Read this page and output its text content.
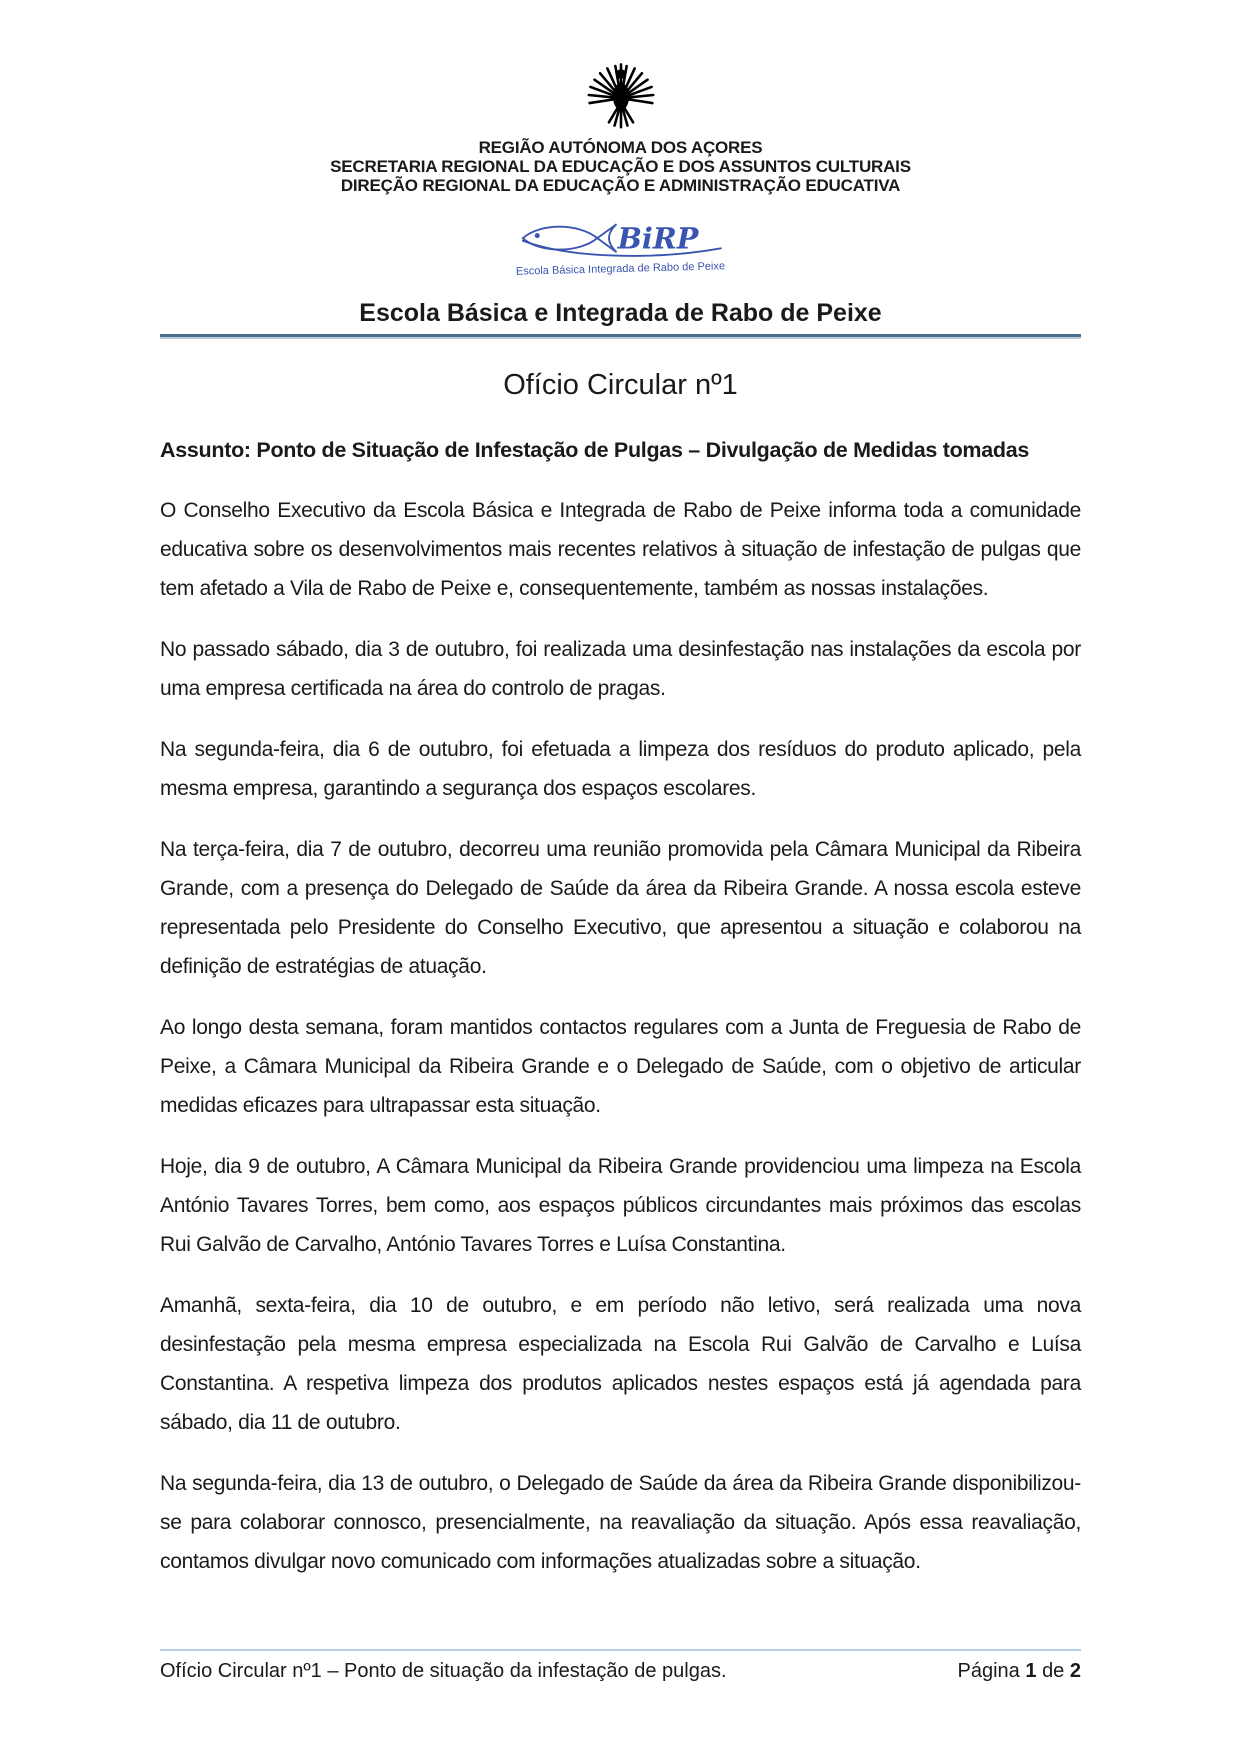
REGIÃO AUTÓNOMA DOS AÇORES
SECRETARIA REGIONAL DA EDUCAÇÃO E DOS ASSUNTOS CULTURAIS
DIREÇÃO REGIONAL DA EDUCAÇÃO E ADMINISTRAÇÃO EDUCATIVA
BiRP
Escola Básica Integrada de Rabo de Peixe
Escola Básica e Integrada de Rabo de Peixe
Ofício Circular nº1

Assunto: Ponto de Situação de Infestação de Pulgas – Divulgação de Medidas tomadas

O Conselho Executivo da Escola Básica e Integrada de Rabo de Peixe informa toda a comunidade educativa sobre os desenvolvimentos mais recentes relativos à situação de infestação de pulgas que tem afetado a Vila de Rabo de Peixe e, consequentemente, também as nossas instalações.

No passado sábado, dia 3 de outubro, foi realizada uma desinfestação nas instalações da escola por uma empresa certificada na área do controlo de pragas.

Na segunda-feira, dia 6 de outubro, foi efetuada a limpeza dos resíduos do produto aplicado, pela mesma empresa, garantindo a segurança dos espaços escolares.

Na terça-feira, dia 7 de outubro, decorreu uma reunião promovida pela Câmara Municipal da Ribeira Grande, com a presença do Delegado de Saúde da área da Ribeira Grande. A nossa escola esteve representada pelo Presidente do Conselho Executivo, que apresentou a situação e colaborou na definição de estratégias de atuação.

Ao longo desta semana, foram mantidos contactos regulares com a Junta de Freguesia de Rabo de Peixe, a Câmara Municipal da Ribeira Grande e o Delegado de Saúde, com o objetivo de articular medidas eficazes para ultrapassar esta situação.

Hoje, dia 9 de outubro, A Câmara Municipal da Ribeira Grande providenciou uma limpeza na Escola António Tavares Torres, bem como, aos espaços públicos circundantes mais próximos das escolas Rui Galvão de Carvalho, António Tavares Torres e Luísa Constantina.

Amanhã, sexta-feira, dia 10 de outubro, e em período não letivo, será realizada uma nova desinfestação pela mesma empresa especializada na Escola Rui Galvão de Carvalho e Luísa Constantina. A respetiva limpeza dos produtos aplicados nestes espaços está já agendada para sábado, dia 11 de outubro.

Na segunda-feira, dia 13 de outubro, o Delegado de Saúde da área da Ribeira Grande disponibilizou-se para colaborar connosco, presencialmente, na reavaliação da situação. Após essa reavaliação, contamos divulgar novo comunicado com informações atualizadas sobre a situação.

Ofício Circular nº1 – Ponto de situação da infestação de pulgas.	Página 1 de 2
